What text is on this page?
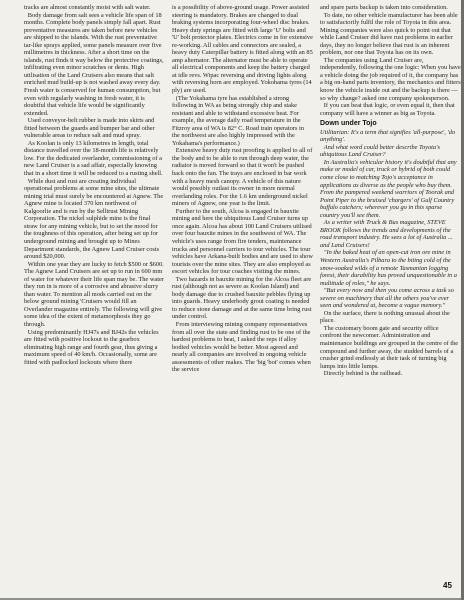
tracks are almost constantly moist with salt water.

Body damage from salt sees a vehicle life span of 18 months. Complete body panels simply fall apart. Rust preventative measures are taken before new vehicles are shipped to the islands. With the rust preventative tar-like sprays applied, some panels measure over five millimetres in thickness. After a short time on the islands, rust finds it way below the protective coatings, infiltrating even minor scratches or dents. High utilisation of the Land Cruisers also means that salt enriched mud build-up is not washed away every day. Fresh water is conserved for human consumption, but even with regularly washing in fresh water, it is doubtful that vehicle life would be significantly extended.

Used conveyor-belt rubber is made into skirts and fitted between the guards and bumper bar and other vulnerable areas to reduce salt and mud spray.

As Koolan is only 13 kilometres in length, total distance travelled over the 18-month life is relatively low. For the dedicated overlander, commissioning of a new Land Cruiser is a sad affair, especially knowing that in a short time it will be reduced to a rusting shell.

While dust and rust are creating individual operational problems at some mine sites, the ultimate mining trial must surely be encountered at Agnew. The Agnew mine is located 370 km northwest of Kalgoorlie and is run by the Selltrust Mining Corporation. The nickel sulphide mine is the final straw for any mining vehicle, but to set the mood for the toughness of this operation, after being set up for underground mining and brought up to Mines Department standards, the Agnew Land Cruiser costs around $20,000.

Within one year they are lucky to fetch $500 or $600. The Agnew Land Cruisers are set up to run in 600 mm of water for whatever their life span may be. The water they run in is more of a corrosive and abrasive slurry than water. To mention all mods carried out on the below ground mining 'Cruisers would fill an Overlander magazine entirely. The following will give some idea of the extent of metamorphosis they go through.

Using predominantly HJ47s and BJ42s the vehicles are fitted with positive lockout to the gearbox eliminating high range and fourth gear, thus giving a maximum speed of 40 km/h. Occasionally, some are fitted with padlocked lockouts where there

is a possibility of above-ground usage. Power assisted steering is mandatory. Brakes are changed to dual braking systems incorporating four-wheel disc brakes. Heavy duty springs are fitted with large 'U' bolts and 'U' bolt protector plates. Electrics come in for extensive re-working. All cables and connectors are sealed, a heavy duty Caterpillar battery is fitted along with an 85 amp alternator. The alternator must be able to operate all electrical components and keep the battery charged at idle revs. Wipac reversing and driving lights along with reversing horn are employed. Yokohama tyres (14 ply) are used.

(The Yokahama tyre has established a strong following in WA as being strongly chip and stake resistant and able to withstand excessive heat. For example, the average daily road temperature in the Fitzroy area of WA is 82° C. Road train operators in the northwest are also highly impressed with the Yokahama's performance.)

Extensive heavy duty rust proofing is applied to all of the body and to be able to run through deep water, the radiator is moved forward so that it won't be pushed back onto the fan. The trays are enclosed in bar work with a heavy mesh canopy. A vehicle of this nature would possibly outlast its owner in more normal overlanding roles. For the 1.6 km underground nickel miners of Agnew, one year is the limit.

Further to the south, Alcoa is engaged in bauxite mining and here the ubiquitous Land Cruiser turns up once again. Alcoa has about 100 Land Cruisers utilised over four bauxite mines in the southwest of WA. The vehicle's uses range from fire tenders, maintenance trucks and personnel carriers to tour vehicles. The tour vehicles have Arkana-built bodies and are used to show tourists over the mine sites. They are also employed as escort vehicles for tour coaches visiting the mines.

Two hazards in bauxite mining for the Alcoa fleet are rust (although not as severe as Koolan Island) and body damage due to crushed bauxite pebbles flying up into guards. Heavy underbody grout coating is needed to reduce stone damage and at the same time bring rust under control.

From interviewing mining company representatives from all over the state and finding rust to be one of the hardest problems to beat, I asked the reps if alloy bodied vehicles would be better. Most agreed and nearly all companies are involved in ongoing vehicle assessments of other makes. The 'big 'bot' comes when the service

and spare parts backup is taken into consideration.

To date, no other vehicle manufacturer has been able to satisfactorily fulfil the role of Toyota in this area. Mining companies were also quick to point out that while Land Cruiser did have rust problems in earlier days, they no longer believe that rust is an inherent problem, nor one that Toyota has on its own.

The companies using Land Cruiser are, independently, following the one logic: When you have a vehicle doing the job required of it, the company has a big on-hand parts inventory, the mechanics and fitters know the vehicle inside out and the backup is there — so why change? asked one company spokesperson.

If you can beat that logic, or even equal it, then that company will have a winner as big as Toyota.

Down under Tojo

Utilitarian: It's a term that signifies 'all-purpose', 'do anything'.

And what word could better describe Toyota's ubiquitous Land Cruiser?

In Australia's vehicular history it's doubtful that any make or model of car, truck or hybrid of both could come close to matching Tojo's acceptance in applications as diverse as the people who buy them. From the pampered weekend warriors of Toorak and Point Piper to the bruised 'chargers' of Gulf Country buffalo catchers; wherever you go in this sparse country you'll see them.

As a writer with Truck & Bus magazine, STEVE BROOK follows the trends and developments of the road transport industry. He sees a lot of Australia ... and Land Cruisers!

"In the baked heat of an open-cut iron ore mine in Western Australia's Pilbara to the biting cold of the snow-soaked wilds of a remote Tasmanian logging forest, their durability has proved unquestionable in a multitude of roles," he says.

"But every now and then you come across a task so severe on machinery that all the others you've ever seen and wondered at, become a vague memory."

On the surface, there is nothing unusual about the place.

The customary boom gate and security office confront the newcomer. Administration and maintenance buildings are grouped in the centre of the compound and further away, the studded barrels of a crusher grind endlessly at their task of turning big lumps into little lumps.

Directly behind is the railhead.

45
